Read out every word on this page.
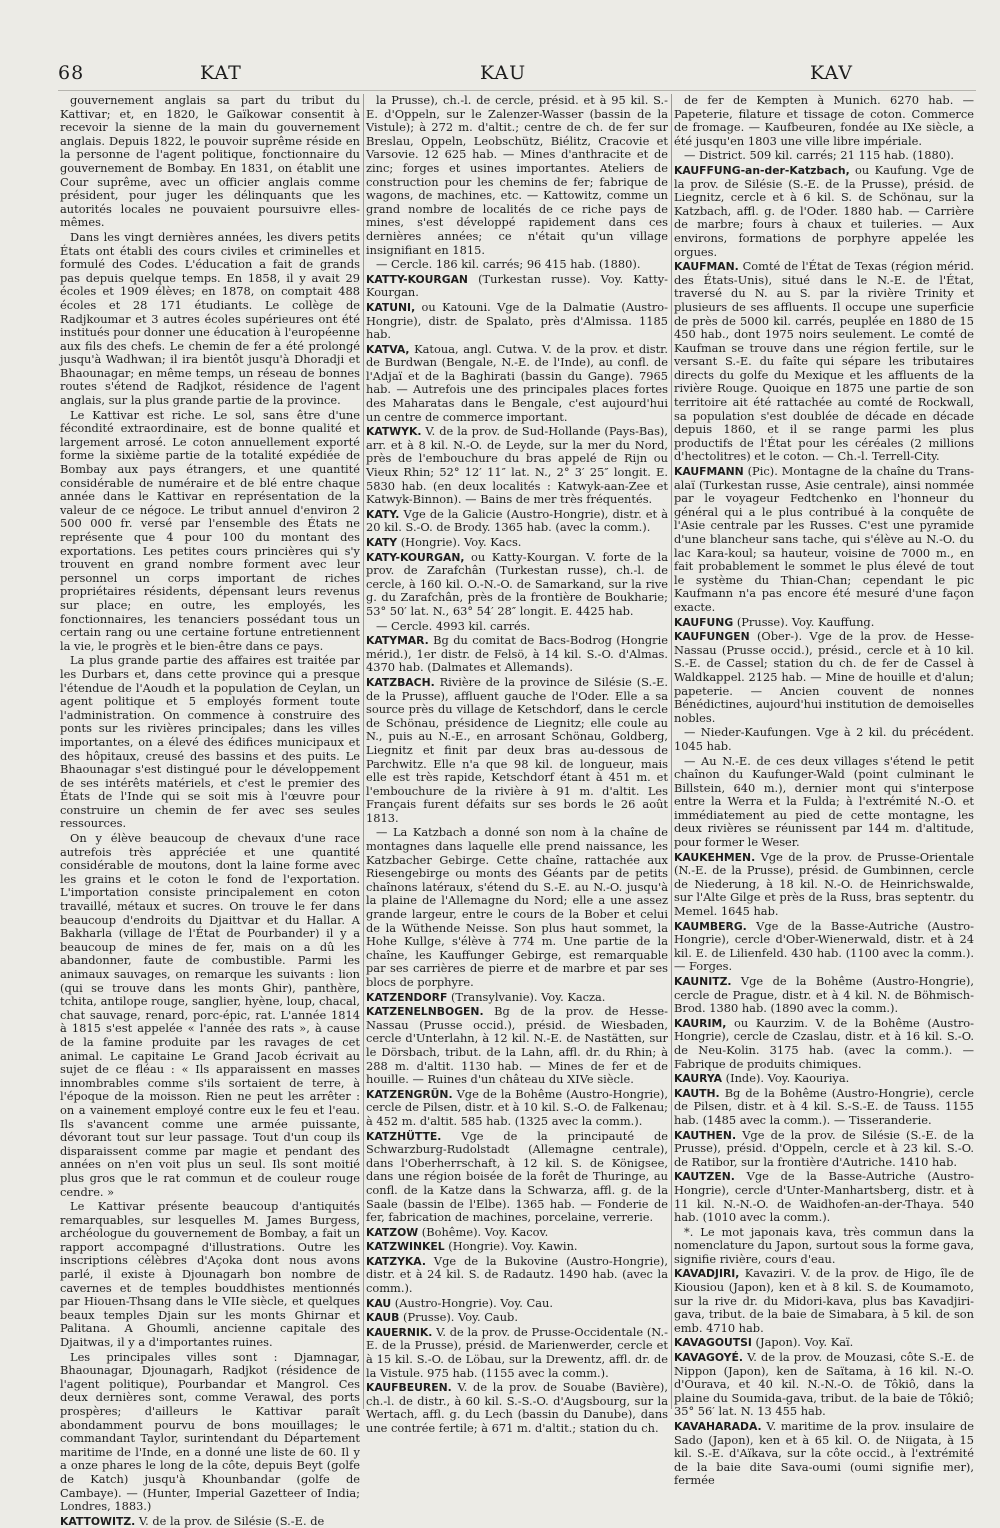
68	KAT	KAU	KAV

gouvernement anglais sa part du tribut du Kattivar; et, en 1820, le Gaïkowar consentit à recevoir la sienne de la main du gouvernement anglais. Depuis 1822, le pouvoir suprême réside en la personne de l'agent politique, fonctionnaire du gouvernement de Bombay. En 1831, on établit une Cour suprême, avec un officier anglais comme président, pour juger les délinquants que les autorités locales ne pouvaient poursuivre elles-mêmes.

Dans les vingt dernières années, les divers petits États ont établi des cours civiles et criminelles et formulé des Codes. L'éducation a fait de grands pas depuis quelque temps. En 1858, il y avait 29 écoles et 1909 élèves; en 1878, on comptait 488 écoles et 28 171 étudiants. Le collège de Radjkoumar et 3 autres écoles supérieures ont été institués pour donner une éducation à l'européenne aux fils des chefs. Le chemin de fer a été prolongé jusqu'à Wadhwan; il ira bientôt jusqu'à Dhoradji et Bhaounagar; en même temps, un réseau de bonnes routes s'étend de Radjkot, résidence de l'agent anglais, sur la plus grande partie de la province.

Le Kattivar est riche. Le sol, sans être d'une fécondité extraordinaire, est de bonne qualité et largement arrosé. Le coton annuellement exporté forme la sixième partie de la totalité expédiée de Bombay aux pays étrangers, et une quantité considérable de numéraire et de blé entre chaque année dans le Kattivar en représentation de la valeur de ce négoce. Le tribut annuel d'environ 2 500 000 fr. versé par l'ensemble des États ne représente que 4 pour 100 du montant des exportations. Les petites cours princières qui s'y trouvent en grand nombre forment avec leur personnel un corps important de riches propriétaires résidents, dépensant leurs revenus sur place; en outre, les employés, les fonctionnaires, les tenanciers possédant tous un certain rang ou une certaine fortune entretiennent la vie, le progrès et le bien-être dans ce pays.

La plus grande partie des affaires est traitée par les Durbars et, dans cette province qui a presque l'étendue de l'Aoudh et la population de Ceylan, un agent politique et 5 employés forment toute l'administration. On commence à construire des ponts sur les rivières principales; dans les villes importantes, on a élevé des édifices municipaux et des hôpitaux, creusé des bassins et des puits. Le Bhaounagar s'est distingué pour le développement de ses intérêts matériels, et c'est le premier des États de l'Inde qui se soit mis à l'œuvre pour construire un chemin de fer avec ses seules ressources.

On y élève beaucoup de chevaux d'une race autrefois très appréciée et une quantité considérable de moutons, dont la laine forme avec les grains et le coton le fond de l'exportation. L'importation consiste principalement en coton travaillé, métaux et sucres. On trouve le fer dans beaucoup d'endroits du Djaittvar et du Hallar. A Bakharla (village de l'État de Pourbander) il y a beaucoup de mines de fer, mais on a dû les abandonner, faute de combustible. Parmi les animaux sauvages, on remarque les suivants : lion (qui se trouve dans les monts Ghir), panthère, tchita, antilope rouge, sanglier, hyène, loup, chacal, chat sauvage, renard, porc-épic, rat. L'année 1814 à 1815 s'est appelée « l'année des rats », à cause de la famine produite par les ravages de cet animal. Le capitaine Le Grand Jacob écrivait au sujet de ce fléau : « Ils apparaissent en masses innombrables comme s'ils sortaient de terre, à l'époque de la moisson. Rien ne peut les arrêter : on a vainement employé contre eux le feu et l'eau. Ils s'avancent comme une armée puissante, dévorant tout sur leur passage. Tout d'un coup ils disparaissent comme par magie et pendant des années on n'en voit plus un seul. Ils sont moitié plus gros que le rat commun et de couleur rouge cendre. »

Le Kattivar présente beaucoup d'antiquités remarquables, sur lesquelles M. James Burgess, archéologue du gouvernement de Bombay, a fait un rapport accompagné d'illustrations. Outre les inscriptions célèbres d'Açoka dont nous avons parlé, il existe à Djounagarh bon nombre de cavernes et de temples bouddhistes mentionnés par Hiouen-Thsang dans le VIIe siècle, et quelques beaux temples Djain sur les monts Ghirnar et Palitana. A Ghoumli, ancienne capitale des Djaitwas, il y a d'importantes ruines.

Les principales villes sont : Djamnagar, Bhaounagar, Djounagarh, Radjkot (résidence de l'agent politique), Pourbandar et Mangrol. Ces deux dernières sont, comme Verawal, des ports prospères; d'ailleurs le Kattivar paraît abondamment pourvu de bons mouillages; le commandant Taylor, surintendant du Département maritime de l'Inde, en a donné une liste de 60. Il y a onze phares le long de la côte, depuis Beyt (golfe de Katch) jusqu'à Khounbandar (golfe de Cambaye). — (Hunter, Imperial Gazetteer of India; Londres, 1883.)

KATTOWITZ. V. de la prov. de Silésie (S.-E. de

la Prusse), ch.-l. de cercle, présid. et à 95 kil. S.-E. d'Oppeln, sur le Zalenzer-Wasser (bassin de la Vistule); à 272 m. d'altit.; centre de ch. de fer sur Breslau, Oppeln, Leobschütz, Biélitz, Cracovie et Varsovie. 12 625 hab. — Mines d'anthracite et de zinc; forges et usines importantes. Ateliers de construction pour les chemins de fer; fabrique de wagons, de machines, etc. — Kattowitz, comme un grand nombre de localités de ce riche pays de mines, s'est développé rapidement dans ces dernières années; ce n'était qu'un village insignifiant en 1815.

— Cercle. 186 kil. carrés; 96 415 hab. (1880).

KATTY-KOURGAN (Turkestan russe). Voy. Katty-Kourgan.

KATUNI, ou Katouni. Vge de la Dalmatie (Austro-Hongrie), distr. de Spalato, près d'Almissa. 1185 hab.

KATVA, Katoua, angl. Cutwa. V. de la prov. et distr. de Burdwan (Bengale, N.-E. de l'Inde), au confl. de l'Adjaï et de la Baghirati (bassin du Gange). 7965 hab. — Autrefois une des principales places fortes des Maharatas dans le Bengale, c'est aujourd'hui un centre de commerce important.

KATWYK. V. de la prov. de Sud-Hollande (Pays-Bas), arr. et à 8 kil. N.-O. de Leyde, sur la mer du Nord, près de l'embouchure du bras appelé de Rijn ou Vieux Rhin; 52° 12′ 11″ lat. N., 2° 3′ 25″ longit. E. 5830 hab. (en deux localités : Katwyk-aan-Zee et Katwyk-Binnon). — Bains de mer très fréquentés.

KATY. Vge de la Galicie (Austro-Hongrie), distr. et à 20 kil. S.-O. de Brody. 1365 hab. (avec la comm.).

KATY (Hongrie). Voy. Kacs.

KATY-KOURGAN, ou Katty-Kourgan. V. forte de la prov. de Zarafchân (Turkestan russe), ch.-l. de cercle, à 160 kil. O.-N.-O. de Samarkand, sur la rive g. du Zarafchân, près de la frontière de Boukharie; 53° 50′ lat. N., 63° 54′ 28″ longit. E. 4425 hab.

— Cercle. 4993 kil. carrés.

KATYMAR. Bg du comitat de Bacs-Bodrog (Hongrie mérid.), 1er distr. de Felsö, à 14 kil. S.-O. d'Almas. 4370 hab. (Dalmates et Allemands).

KATZBACH. Rivière de la province de Silésie (S.-E. de la Prusse), affluent gauche de l'Oder. Elle a sa source près du village de Ketschdorf, dans le cercle de Schönau, présidence de Liegnitz; elle coule au N., puis au N.-E., en arrosant Schönau, Goldberg, Liegnitz et finit par deux bras au-dessous de Parchwitz. Elle n'a que 98 kil. de longueur, mais elle est très rapide, Ketschdorf étant à 451 m. et l'embouchure de la rivière à 91 m. d'altit. Les Français furent défaits sur ses bords le 26 août 1813.

— La Katzbach a donné son nom à la chaîne de montagnes dans laquelle elle prend naissance, les Katzbacher Gebirge. Cette chaîne, rattachée aux Riesengebirge ou monts des Géants par de petits chaînons latéraux, s'étend du S.-E. au N.-O. jusqu'à la plaine de l'Allemagne du Nord; elle a une assez grande largeur, entre le cours de la Bober et celui de la Wüthende Neisse. Son plus haut sommet, la Hohe Kullge, s'élève à 774 m. Une partie de la chaîne, les Kauffunger Gebirge, est remarquable par ses carrières de pierre et de marbre et par ses blocs de porphyre.

KATZENDORF (Transylvanie). Voy. Kacza.

KATZENELNBOGEN. Bg de la prov. de Hesse-Nassau (Prusse occid.), présid. de Wiesbaden, cercle d'Unterlahn, à 12 kil. N.-E. de Nastätten, sur le Dörsbach, tribut. de la Lahn, affl. dr. du Rhin; à 288 m. d'altit. 1130 hab. — Mines de fer et de houille. — Ruines d'un château du XIVe siècle.

KATZENGRÜN. Vge de la Bohême (Austro-Hongrie), cercle de Pilsen, distr. et à 10 kil. S.-O. de Falkenau; à 452 m. d'altit. 585 hab. (1325 avec la comm.).

KATZHÜTTE. Vge de la principauté de Schwarzburg-Rudolstadt (Allemagne centrale), dans l'Oberherrschaft, à 12 kil. S. de Königsee, dans une région boisée de la forêt de Thuringe, au confl. de la Katze dans la Schwarza, affl. g. de la Saale (bassin de l'Elbe). 1365 hab. — Fonderie de fer, fabrication de machines, porcelaine, verrerie.

KATZOW (Bohême). Voy. Kacov.

KATZWINKEL (Hongrie). Voy. Kawin.

KATZYKA. Vge de la Bukovine (Austro-Hongrie), distr. et à 24 kil. S. de Radautz. 1490 hab. (avec la comm.).

KAU (Austro-Hongrie). Voy. Cau.

KAUB (Prusse). Voy. Caub.

KAUERNIK. V. de la prov. de Prusse-Occidentale (N.-E. de la Prusse), présid. de Marienwerder, cercle et à 15 kil. S.-O. de Löbau, sur la Drewentz, affl. dr. de la Vistule. 975 hab. (1155 avec la comm.).

KAUFBEUREN. V. de la prov. de Souabe (Bavière), ch.-l. de distr., à 60 kil. S.-S.-O. d'Augsbourg, sur la Wertach, affl. g. du Lech (bassin du Danube), dans une contrée fertile; à 671 m. d'altit.; station du ch.

de fer de Kempten à Munich. 6270 hab. — Papeterie, filature et tissage de coton. Commerce de fromage. — Kaufbeuren, fondée au IXe siècle, a été jusqu'en 1803 une ville libre impériale.

— District. 509 kil. carrés; 21 115 hab. (1880).

KAUFFUNG-an-der-Katzbach, ou Kaufung. Vge de la prov. de Silésie (S.-E. de la Prusse), présid. de Liegnitz, cercle et à 6 kil. S. de Schönau, sur la Katzbach, affl. g. de l'Oder. 1880 hab. — Carrière de marbre; fours à chaux et tuileries. — Aux environs, formations de porphyre appelée les orgues.

KAUFMAN. Comté de l'État de Texas (région mérid. des États-Unis), situé dans le N.-E. de l'État, traversé du N. au S. par la rivière Trinity et plusieurs de ses affluents. Il occupe une superficie de près de 5000 kil. carrés, peuplée en 1880 de 15 450 hab., dont 1975 noirs seulement. Le comté de Kaufman se trouve dans une région fertile, sur le versant S.-E. du faîte qui sépare les tributaires directs du golfe du Mexique et les affluents de la rivière Rouge. Quoique en 1875 une partie de son territoire ait été rattachée au comté de Rockwall, sa population s'est doublée de décade en décade depuis 1860, et il se range parmi les plus productifs de l'État pour les céréales (2 millions d'hectolitres) et le coton. — Ch.-l. Terrell-City.

KAUFMANN (Pic). Montagne de la chaîne du Trans-alaï (Turkestan russe, Asie centrale), ainsi nommée par le voyageur Fedtchenko en l'honneur du général qui a le plus contribué à la conquête de l'Asie centrale par les Russes. C'est une pyramide d'une blancheur sans tache, qui s'élève au N.-O. du lac Kara-koul; sa hauteur, voisine de 7000 m., en fait probablement le sommet le plus élevé de tout le système du Thian-Chan; cependant le pic Kaufmann n'a pas encore été mesuré d'une façon exacte.

KAUFUNG (Prusse). Voy. Kauffung.

KAUFUNGEN (Ober-). Vge de la prov. de Hesse-Nassau (Prusse occid.), présid., cercle et à 10 kil. S.-E. de Cassel; station du ch. de fer de Cassel à Waldkappel. 2125 hab. — Mine de houille et d'alun; papeterie. — Ancien couvent de nonnes Bénédictines, aujourd'hui institution de demoiselles nobles.

— Nieder-Kaufungen. Vge à 2 kil. du précédent. 1045 hab.

— Au N.-E. de ces deux villages s'étend le petit chaînon du Kaufunger-Wald (point culminant le Billstein, 640 m.), dernier mont qui s'interpose entre la Werra et la Fulda; à l'extrémité N.-O. et immédiatement au pied de cette montagne, les deux rivières se réunissent par 144 m. d'altitude, pour former le Weser.

KAUKEHMEN. Vge de la prov. de Prusse-Orientale (N.-E. de la Prusse), présid. de Gumbinnen, cercle de Niederung, à 18 kil. N.-O. de Heinrichswalde, sur l'Alte Gilge et près de la Russ, bras septentr. du Memel. 1645 hab.

KAUMBERG. Vge de la Basse-Autriche (Austro-Hongrie), cercle d'Ober-Wienerwald, distr. et à 24 kil. E. de Lilienfeld. 430 hab. (1100 avec la comm.). — Forges.

KAUNITZ. Vge de la Bohême (Austro-Hongrie), cercle de Prague, distr. et à 4 kil. N. de Böhmisch-Brod. 1380 hab. (1890 avec la comm.).

KAURIM, ou Kaurzim. V. de la Bohême (Austro-Hongrie), cercle de Czaslau, distr. et à 16 kil. S.-O. de Neu-Kolin. 3175 hab. (avec la comm.). — Fabrique de produits chimiques.

KAURYA (Inde). Voy. Kaouriya.

KAUTH. Bg de la Bohême (Austro-Hongrie), cercle de Pilsen, distr. et à 4 kil. S.-S.-E. de Tauss. 1155 hab. (1485 avec la comm.). — Tisseranderie.

KAUTHEN. Vge de la prov. de Silésie (S.-E. de la Prusse), présid. d'Oppeln, cercle et à 23 kil. S.-O. de Ratibor, sur la frontière d'Autriche. 1410 hab.

KAUTZEN. Vge de la Basse-Autriche (Austro-Hongrie), cercle d'Unter-Manhartsberg, distr. et à 11 kil. N.-N.-O. de Waidhofen-an-der-Thaya. 540 hab. (1010 avec la comm.).

*. Le mot japonais kava, très commun dans la nomenclature du Japon, surtout sous la forme gava, signifie rivière, cours d'eau.

KAVADJIRI, Kavaziri. V. de la prov. de Higo, île de Kiousiou (Japon), ken et à 8 kil. S. de Koumamoto, sur la rive dr. du Midori-kava, plus bas Kavadjiri-gava, tribut. de la baie de Simabara, à 5 kil. de son emb. 4710 hab.

KAVAGOUTSI (Japon). Voy. Kaï.

KAVAGOYÉ. V. de la prov. de Mouzasi, côte S.-E. de Nippon (Japon), ken de Saïtama, à 16 kil. N.-O. d'Ourava, et 40 kil. N.-N.-O. de Tôkiô, dans la plaine du Soumida-gava, tribut. de la baie de Tôkiô; 35° 56′ lat. N. 13 455 hab.

KAVAHARADA. V. maritime de la prov. insulaire de Sado (Japon), ken et à 65 kil. O. de Niigata, à 15 kil. S.-E. d'Aïkava, sur la côte occid., à l'extrémité de la baie dite Sava-oumi (oumi signifie mer), fermée
